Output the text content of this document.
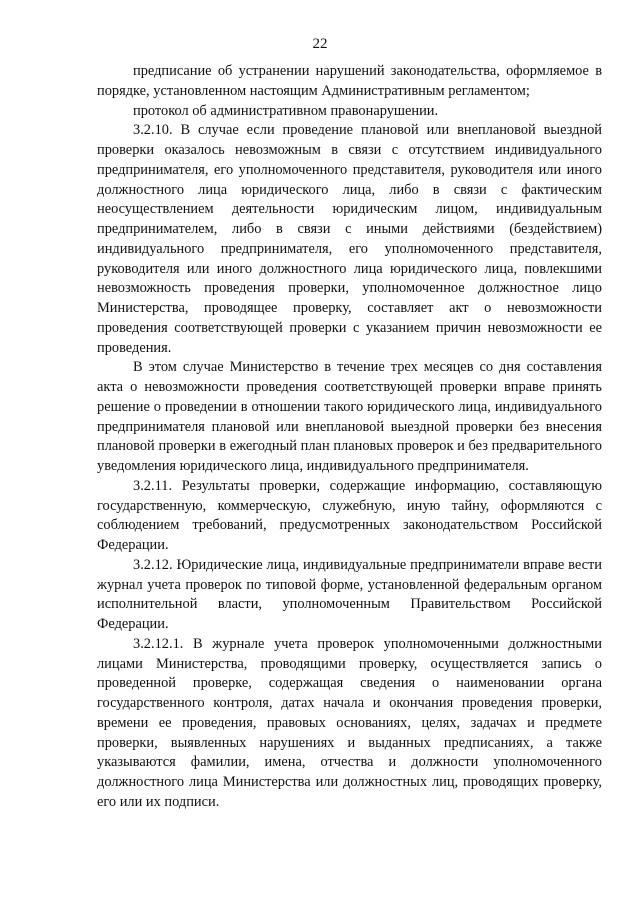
22

предписание об устранении нарушений законодательства, оформляемое в порядке, установленном настоящим Административным регламентом;

протокол об административном правонарушении.

3.2.10. В случае если проведение плановой или внеплановой выездной проверки оказалось невозможным в связи с отсутствием индивидуального предпринимателя, его уполномоченного представителя, руководителя или иного должностного лица юридического лица, либо в связи с фактическим неосуществлением деятельности юридическим лицом, индивидуальным предпринимателем, либо в связи с иными действиями (бездействием) индивидуального предпринимателя, его уполномоченного представителя, руководителя или иного должностного лица юридического лица, повлекшими невозможность проведения проверки, уполномоченное должностное лицо Министерства, проводящее проверку, составляет акт о невозможности проведения соответствующей проверки с указанием причин невозможности ее проведения.

В этом случае Министерство в течение трех месяцев со дня составления акта о невозможности проведения соответствующей проверки вправе принять решение о проведении в отношении такого юридического лица, индивидуального предпринимателя плановой или внеплановой выездной проверки без внесения плановой проверки в ежегодный план плановых проверок и без предварительного уведомления юридического лица, индивидуального предпринимателя.

3.2.11. Результаты проверки, содержащие информацию, составляющую государственную, коммерческую, служебную, иную тайну, оформляются с соблюдением требований, предусмотренных законодательством Российской Федерации.

3.2.12. Юридические лица, индивидуальные предприниматели вправе вести журнал учета проверок по типовой форме, установленной федеральным органом исполнительной власти, уполномоченным Правительством Российской Федерации.

3.2.12.1. В журнале учета проверок уполномоченными должностными лицами Министерства, проводящими проверку, осуществляется запись о проведенной проверке, содержащая сведения о наименовании органа государственного контроля, датах начала и окончания проведения проверки, времени ее проведения, правовых основаниях, целях, задачах и предмете проверки, выявленных нарушениях и выданных предписаниях, а также указываются фамилии, имена, отчества и должности уполномоченного должностного лица Министерства или должностных лиц, проводящих проверку, его или их подписи.
